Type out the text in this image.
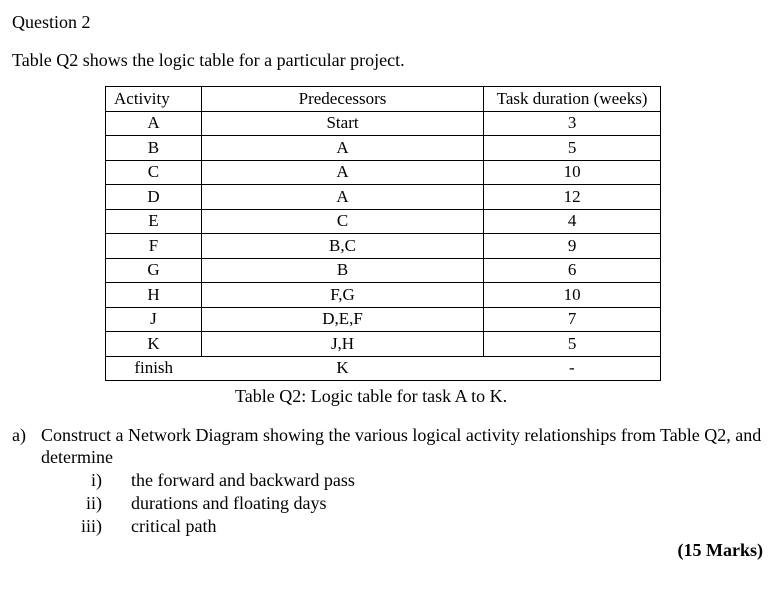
Question 2
Table Q2 shows the logic table for a particular project.
Activity	Predecessors	Task duration (weeks)
A	Start	3
B	A	5
C	A	10
D	A	12
E	C	4
F	B,C	9
G	B	6
H	F,G	10
J	D,E,F	7
K	J,H	5
finish	K	-
Table Q2: Logic table for task A to K.
a) Construct a Network Diagram showing the various logical activity relationships from Table Q2, and determine
i) the forward and backward pass
ii) durations and floating days
iii) critical path
(15 Marks)
